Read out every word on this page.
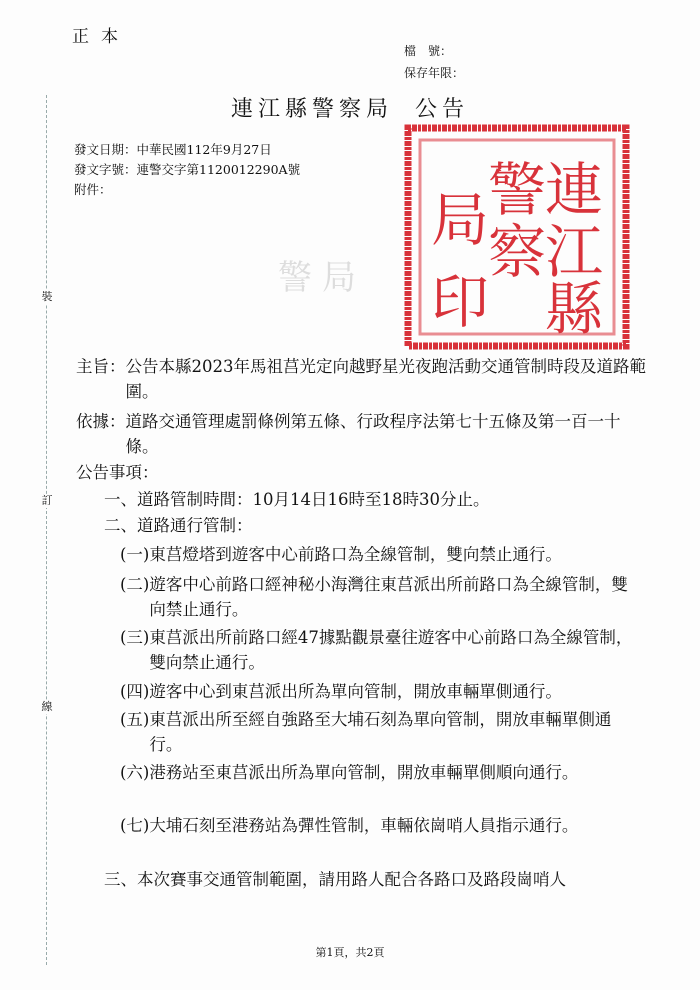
正本
檔　號：
保存年限：
連江縣警察局 公告
發文日期：中華民國112年9月27日
發文字號：連警交字第1120012290A號
附件：
裝
訂
線
警局
連
江
縣
警
察
局
印
主旨： 公告本縣2023年馬祖莒光定向越野星光夜跑活動交通管制時段及道路範圍。
依據： 道路交通管理處罰條例第五條、行政程序法第七十五條及第一百一十條。
公告事項：
一、 道路管制時間：10月14日16時至18時30分止。
二、 道路通行管制：
(一) 東莒燈塔到遊客中心前路口為全線管制，雙向禁止通行。
(二) 遊客中心前路口經神秘小海灣往東莒派出所前路口為全線管制，雙向禁止通行。
(三) 東莒派出所前路口經47據點觀景臺往遊客中心前路口為全線管制，雙向禁止通行。
(四) 遊客中心到東莒派出所為單向管制，開放車輛單側通行。
(五) 東莒派出所至經自強路至大埔石刻為單向管制，開放車輛單側通行。
(六) 港務站至東莒派出所為單向管制，開放車輛單側順向通行。
(七) 大埔石刻至港務站為彈性管制，車輛依崗哨人員指示通行。
三、 本次賽事交通管制範圍，請用路人配合各路口及路段崗哨人
第1頁，共2頁
